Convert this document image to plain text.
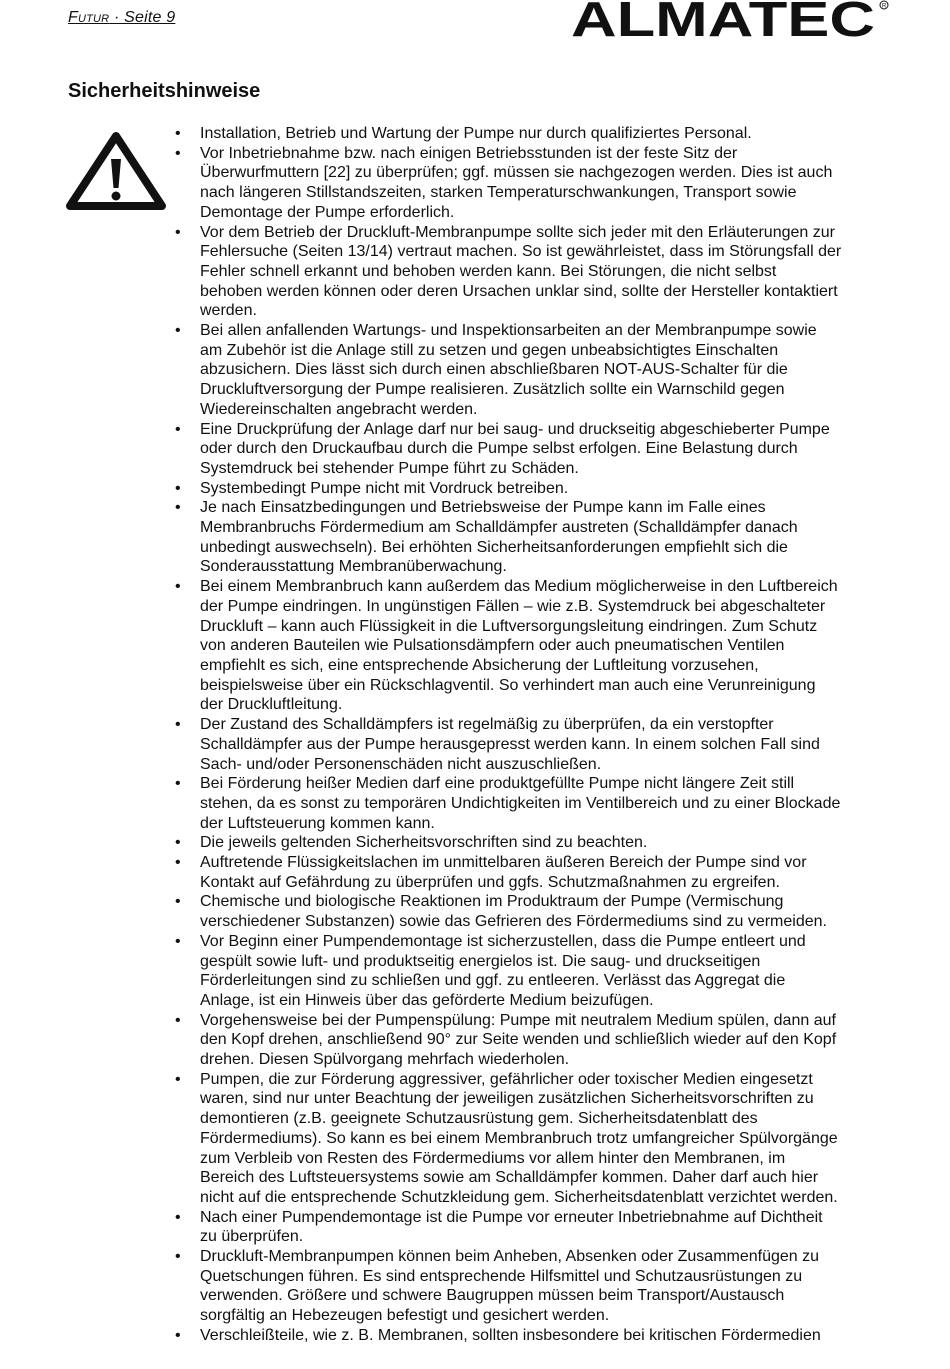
Futur · Seite 9	ALMATEC R
Sicherheitshinweise
• Installation, Betrieb und Wartung der Pumpe nur durch qualifiziertes Personal.
• Vor Inbetriebnahme bzw. nach einigen Betriebsstunden ist der feste Sitz der
Überwurfmuttern [22] zu überprüfen; ggf. müssen sie nachgezogen werden. Dies ist auch
nach längeren Stillstandszeiten, starken Temperaturschwankungen, Transport sowie
Demontage der Pumpe erforderlich.
• Vor dem Betrieb der Druckluft-Membranpumpe sollte sich jeder mit den Erläuterungen zur
Fehlersuche (Seiten 13/14) vertraut machen. So ist gewährleistet, dass im Störungsfall der
Fehler schnell erkannt und behoben werden kann. Bei Störungen, die nicht selbst
behoben werden können oder deren Ursachen unklar sind, sollte der Hersteller kontaktiert
werden.
• Bei allen anfallenden Wartungs- und Inspektionsarbeiten an der Membranpumpe sowie
am Zubehör ist die Anlage still zu setzen und gegen unbeabsichtigtes Einschalten
abzusichern. Dies lässt sich durch einen abschließbaren NOT-AUS-Schalter für die
Druckluftversorgung der Pumpe realisieren. Zusätzlich sollte ein Warnschild gegen
Wiedereinschalten angebracht werden.
• Eine Druckprüfung der Anlage darf nur bei saug- und druckseitig abgeschieberter Pumpe
oder durch den Druckaufbau durch die Pumpe selbst erfolgen. Eine Belastung durch
Systemdruck bei stehender Pumpe führt zu Schäden.
• Systembedingt Pumpe nicht mit Vordruck betreiben.
• Je nach Einsatzbedingungen und Betriebsweise der Pumpe kann im Falle eines
Membranbruchs Fördermedium am Schalldämpfer austreten (Schalldämpfer danach
unbedingt auswechseln). Bei erhöhten Sicherheitsanforderungen empfiehlt sich die
Sonderausstattung Membranüberwachung.
• Bei einem Membranbruch kann außerdem das Medium möglicherweise in den Luftbereich
der Pumpe eindringen. In ungünstigen Fällen – wie z.B. Systemdruck bei abgeschalteter
Druckluft – kann auch Flüssigkeit in die Luftversorgungsleitung eindringen. Zum Schutz
von anderen Bauteilen wie Pulsationsdämpfern oder auch pneumatischen Ventilen
empfiehlt es sich, eine entsprechende Absicherung der Luftleitung vorzusehen,
beispielsweise über ein Rückschlagventil. So verhindert man auch eine Verunreinigung
der Druckluftleitung.
• Der Zustand des Schalldämpfers ist regelmäßig zu überprüfen, da ein verstopfter
Schalldämpfer aus der Pumpe herausgepresst werden kann. In einem solchen Fall sind
Sach- und/oder Personenschäden nicht auszuschließen.
• Bei Förderung heißer Medien darf eine produktgefüllte Pumpe nicht längere Zeit still
stehen, da es sonst zu temporären Undichtigkeiten im Ventilbereich und zu einer Blockade
der Luftsteuerung kommen kann.
• Die jeweils geltenden Sicherheitsvorschriften sind zu beachten.
• Auftretende Flüssigkeitslachen im unmittelbaren äußeren Bereich der Pumpe sind vor
Kontakt auf Gefährdung zu überprüfen und ggfs. Schutzmaßnahmen zu ergreifen.
• Chemische und biologische Reaktionen im Produktraum der Pumpe (Vermischung
verschiedener Substanzen) sowie das Gefrieren des Fördermediums sind zu vermeiden.
• Vor Beginn einer Pumpendemontage ist sicherzustellen, dass die Pumpe entleert und
gespült sowie luft- und produktseitig energielos ist. Die saug- und druckseitigen
Förderleitungen sind zu schließen und ggf. zu entleeren. Verlässt das Aggregat die
Anlage, ist ein Hinweis über das geförderte Medium beizufügen.
• Vorgehensweise bei der Pumpenspülung: Pumpe mit neutralem Medium spülen, dann auf
den Kopf drehen, anschließend 90° zur Seite wenden und schließlich wieder auf den Kopf
drehen. Diesen Spülvorgang mehrfach wiederholen.
• Pumpen, die zur Förderung aggressiver, gefährlicher oder toxischer Medien eingesetzt
waren, sind nur unter Beachtung der jeweiligen zusätzlichen Sicherheitsvorschriften zu
demontieren (z.B. geeignete Schutzausrüstung gem. Sicherheitsdatenblatt des
Fördermediums). So kann es bei einem Membranbruch trotz umfangreicher Spülvorgänge
zum Verbleib von Resten des Fördermediums vor allem hinter den Membranen, im
Bereich des Luftsteuersystems sowie am Schalldämpfer kommen. Daher darf auch hier
nicht auf die entsprechende Schutzkleidung gem. Sicherheitsdatenblatt verzichtet werden.
• Nach einer Pumpendemontage ist die Pumpe vor erneuter Inbetriebnahme auf Dichtheit
zu überprüfen.
• Druckluft-Membranpumpen können beim Anheben, Absenken oder Zusammenfügen zu
Quetschungen führen. Es sind entsprechende Hilfsmittel und Schutzausrüstungen zu
verwenden. Größere und schwere Baugruppen müssen beim Transport/Austausch
sorgfältig an Hebezeugen befestigt und gesichert werden.
• Verschleißteile, wie z. B. Membranen, sollten insbesondere bei kritischen Fördermedien
